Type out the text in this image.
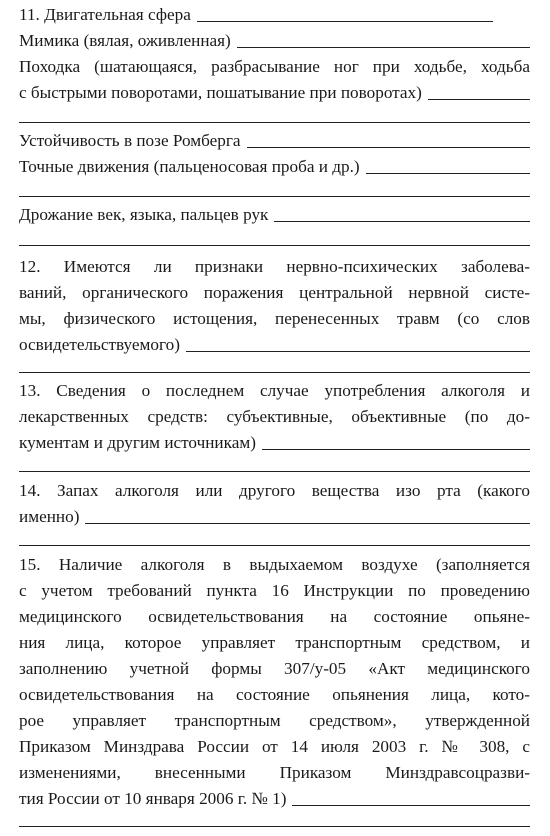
11. Двигательная сфера
Мимика (вялая, оживленная)
Походка (шатающаяся, разбрасывание ног при ходьбе, ходьба
с быстрыми поворотами, пошатывание при поворотах)
Устойчивость в позе Ромберга
Точные движения (пальценосовая проба и др.)
Дрожание век, языка, пальцев рук
12. Имеются ли признаки нервно-психических заболева-
ваний, органического поражения центральной нервной систе-
мы, физического истощения, перенесенных травм (со слов
освидетельствуемого)
13. Сведения о последнем случае употребления алкоголя и
лекарственных средств: субъективные, объективные (по до-
кументам и другим источникам)
14. Запах алкоголя или другого вещества изо рта (какого
именно)
15. Наличие алкоголя в выдыхаемом воздухе (заполняется
с учетом требований пункта 16 Инструкции по проведению
медицинского освидетельствования на состояние опьяне-
ния лица, которое управляет транспортным средством, и
заполнению учетной формы 307/у-05 «Акт медицинского
освидетельствования на состояние опьянения лица, кото-
рое управляет транспортным средством», утвержденной
Приказом Минздрава России от 14 июля 2003 г. № 308, с
изменениями, внесенными Приказом Минздравсоцразви-
тия России от 10 января 2006 г. № 1)
